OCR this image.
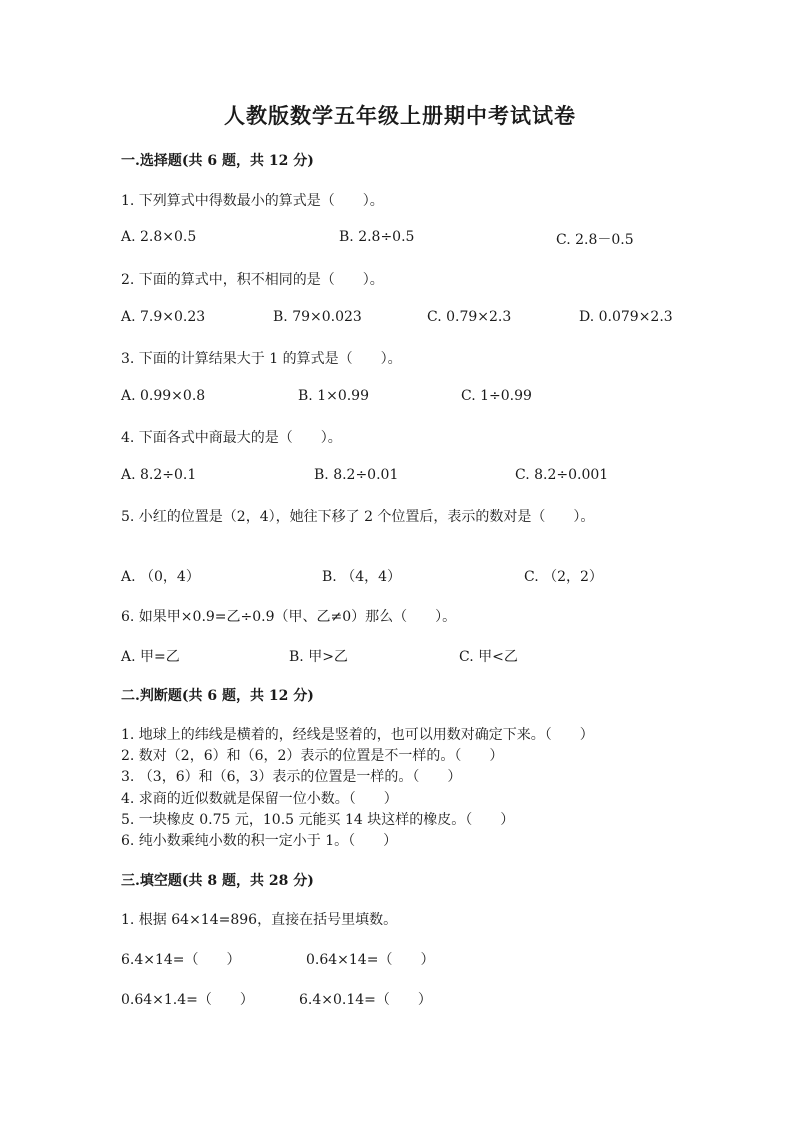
人教版数学五年级上册期中考试试卷
一.选择题(共 6 题，共 12 分)
1. 下列算式中得数最小的算式是（　　）。
A. 2.8×0.5	B. 2.8÷0.5	C. 2.8－0.5
2. 下面的算式中，积不相同的是（　　）。
A. 7.9×0.23	B. 79×0.023	C. 0.79×2.3	D. 0.079×2.3
3. 下面的计算结果大于 1 的算式是（　　）。
A. 0.99×0.8	B. 1×0.99	C. 1÷0.99
4. 下面各式中商最大的是（　　）。
A. 8.2÷0.1	B. 8.2÷0.01	C. 8.2÷0.001
5. 小红的位置是（2，4），她往下移了 2 个位置后，表示的数对是（　　）。
A. （0，4）	B. （4，4）	C. （2，2）
6. 如果甲×0.9=乙÷0.9（甲、乙≠0）那么（　　）。
A. 甲=乙	B. 甲>乙	C. 甲<乙
二.判断题(共 6 题，共 12 分)
1. 地球上的纬线是横着的，经线是竖着的，也可以用数对确定下来。（　　）
2. 数对（2，6）和（6，2）表示的位置是不一样的。（　　）
3. （3，6）和（6，3）表示的位置是一样的。（　　）
4. 求商的近似数就是保留一位小数。（　　）
5. 一块橡皮 0.75 元，10.5 元能买 14 块这样的橡皮。（　　）
6. 纯小数乘纯小数的积一定小于 1。（　　）
三.填空题(共 8 题，共 28 分)
1. 根据 64×14=896，直接在括号里填数。
6.4×14=（　　）	0.64×14=（　　）
0.64×1.4=（　　）	6.4×0.14=（　　）
